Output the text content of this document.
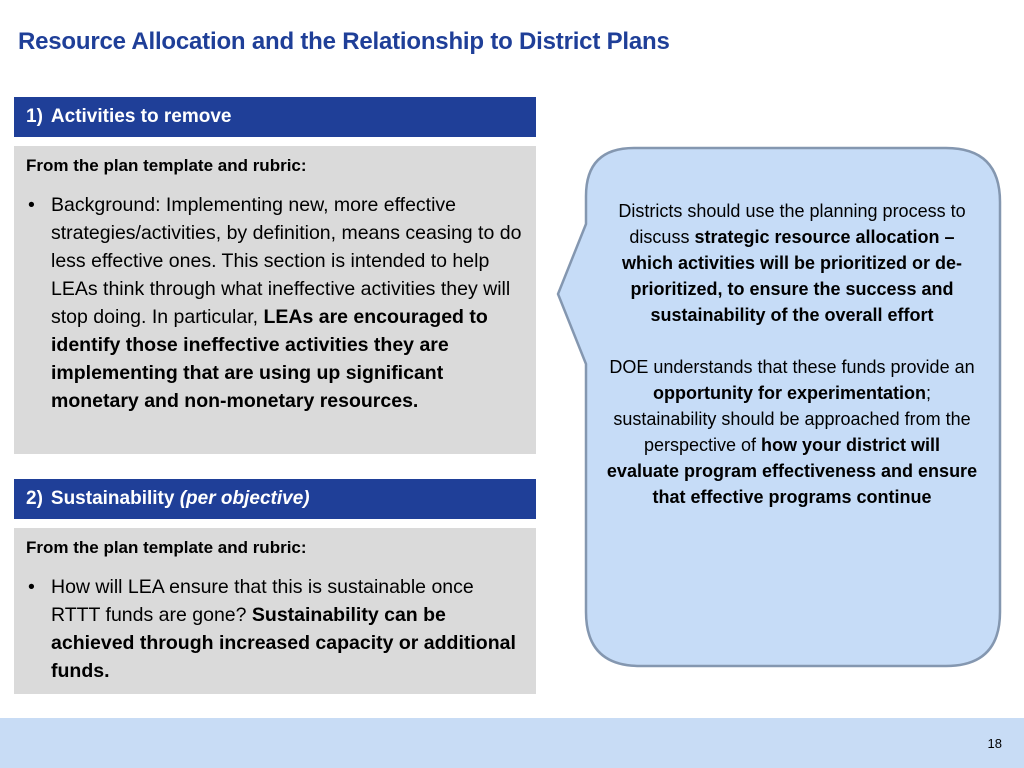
Resource Allocation and the Relationship to District Plans
1) Activities to remove

From the plan template and rubric:

• Background: Implementing new, more effective strategies/activities, by definition, means ceasing to do less effective ones. This section is intended to help LEAs think through what ineffective activities they will stop doing. In particular, LEAs are encouraged to identify those ineffective activities they are implementing that are using up significant monetary and non-monetary resources.
2) Sustainability (per objective)

From the plan template and rubric:

• How will LEA ensure that this is sustainable once RTTT funds are gone? Sustainability can be achieved through increased capacity or additional funds.

Districts should use the planning process to discuss strategic resource allocation – which activities will be prioritized or de-prioritized, to ensure the success and sustainability of the overall effort

DOE understands that these funds provide an opportunity for experimentation; sustainability should be approached from the perspective of how your district will evaluate program effectiveness and ensure that effective programs continue

18
